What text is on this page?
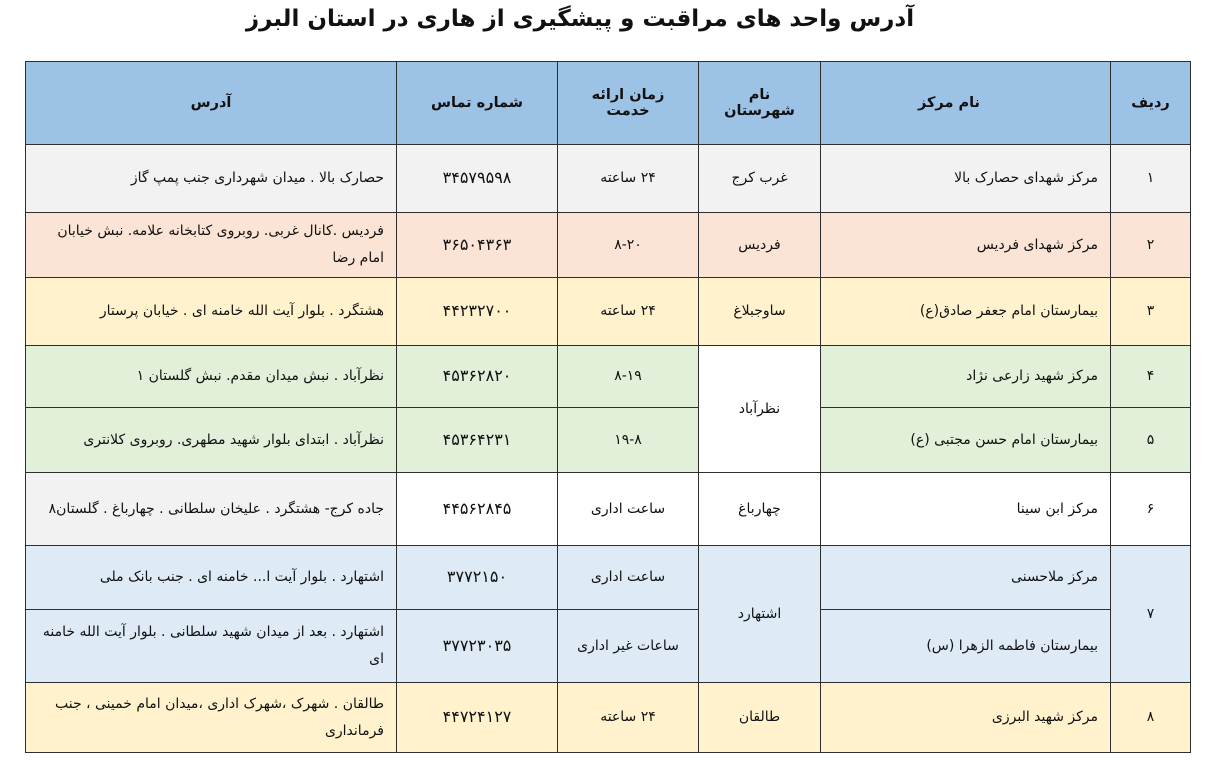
آدرس واحد های مراقبت و پیشگیری از هاری در استان البرز
ردیف	نام مرکز	نام شهرستان	زمان ارائه خدمت	شماره تماس	آدرس
۱	مرکز شهدای حصارک بالا	غرب کرج	۲۴ ساعته	۳۴۵۷۹۵۹۸	حصارک بالا . میدان شهرداری جنب پمپ گاز
۲	مرکز شهدای فردیس	فردیس	۸-۲۰	۳۶۵۰۴۳۶۳	فردیس .کانال غربی. روبروی کتابخانه علامه. نبش خیابان امام رضا
۳	بیمارستان امام جعفر صادق(ع)	ساوجبلاغ	۲۴ ساعته	۴۴۲۳۲۷۰۰	هشتگرد . بلوار آیت الله خامنه ای . خیابان پرستار
۴	مرکز شهید زارعی نژاد	نظرآباد	۸-۱۹	۴۵۳۶۲۸۲۰	نظرآباد . نبش میدان مقدم. نبش گلستان ۱
۵	بیمارستان امام حسن مجتبی (ع)		۱۹-۸	۴۵۳۶۴۲۳۱	نظرآباد . ابتدای بلوار شهید مطهری. روبروی کلانتری
۶	مرکز ابن سینا	چهارباغ	ساعت اداری	۴۴۵۶۲۸۴۵	جاده کرج- هشتگرد . علیخان سلطانی . چهارباغ . گلستان۸
۷	مرکز ملاحسنی	اشتهارد	ساعت اداری	۳۷۷۲۱۵۰	اشتهارد . بلوار آیت ا... خامنه ای . جنب بانک ملی
	بیمارستان فاطمه الزهرا (س)		ساعات غیر اداری	۳۷۷۲۳۰۳۵	اشتهارد . بعد از میدان شهید سلطانی . بلوار آیت الله خامنه ای
۸	مرکز شهید البرزی	طالقان	۲۴ ساعته	۴۴۷۲۴۱۲۷	طالقان . شهرک ،شهرک اداری ،میدان امام خمینی ، جنب فرمانداری
